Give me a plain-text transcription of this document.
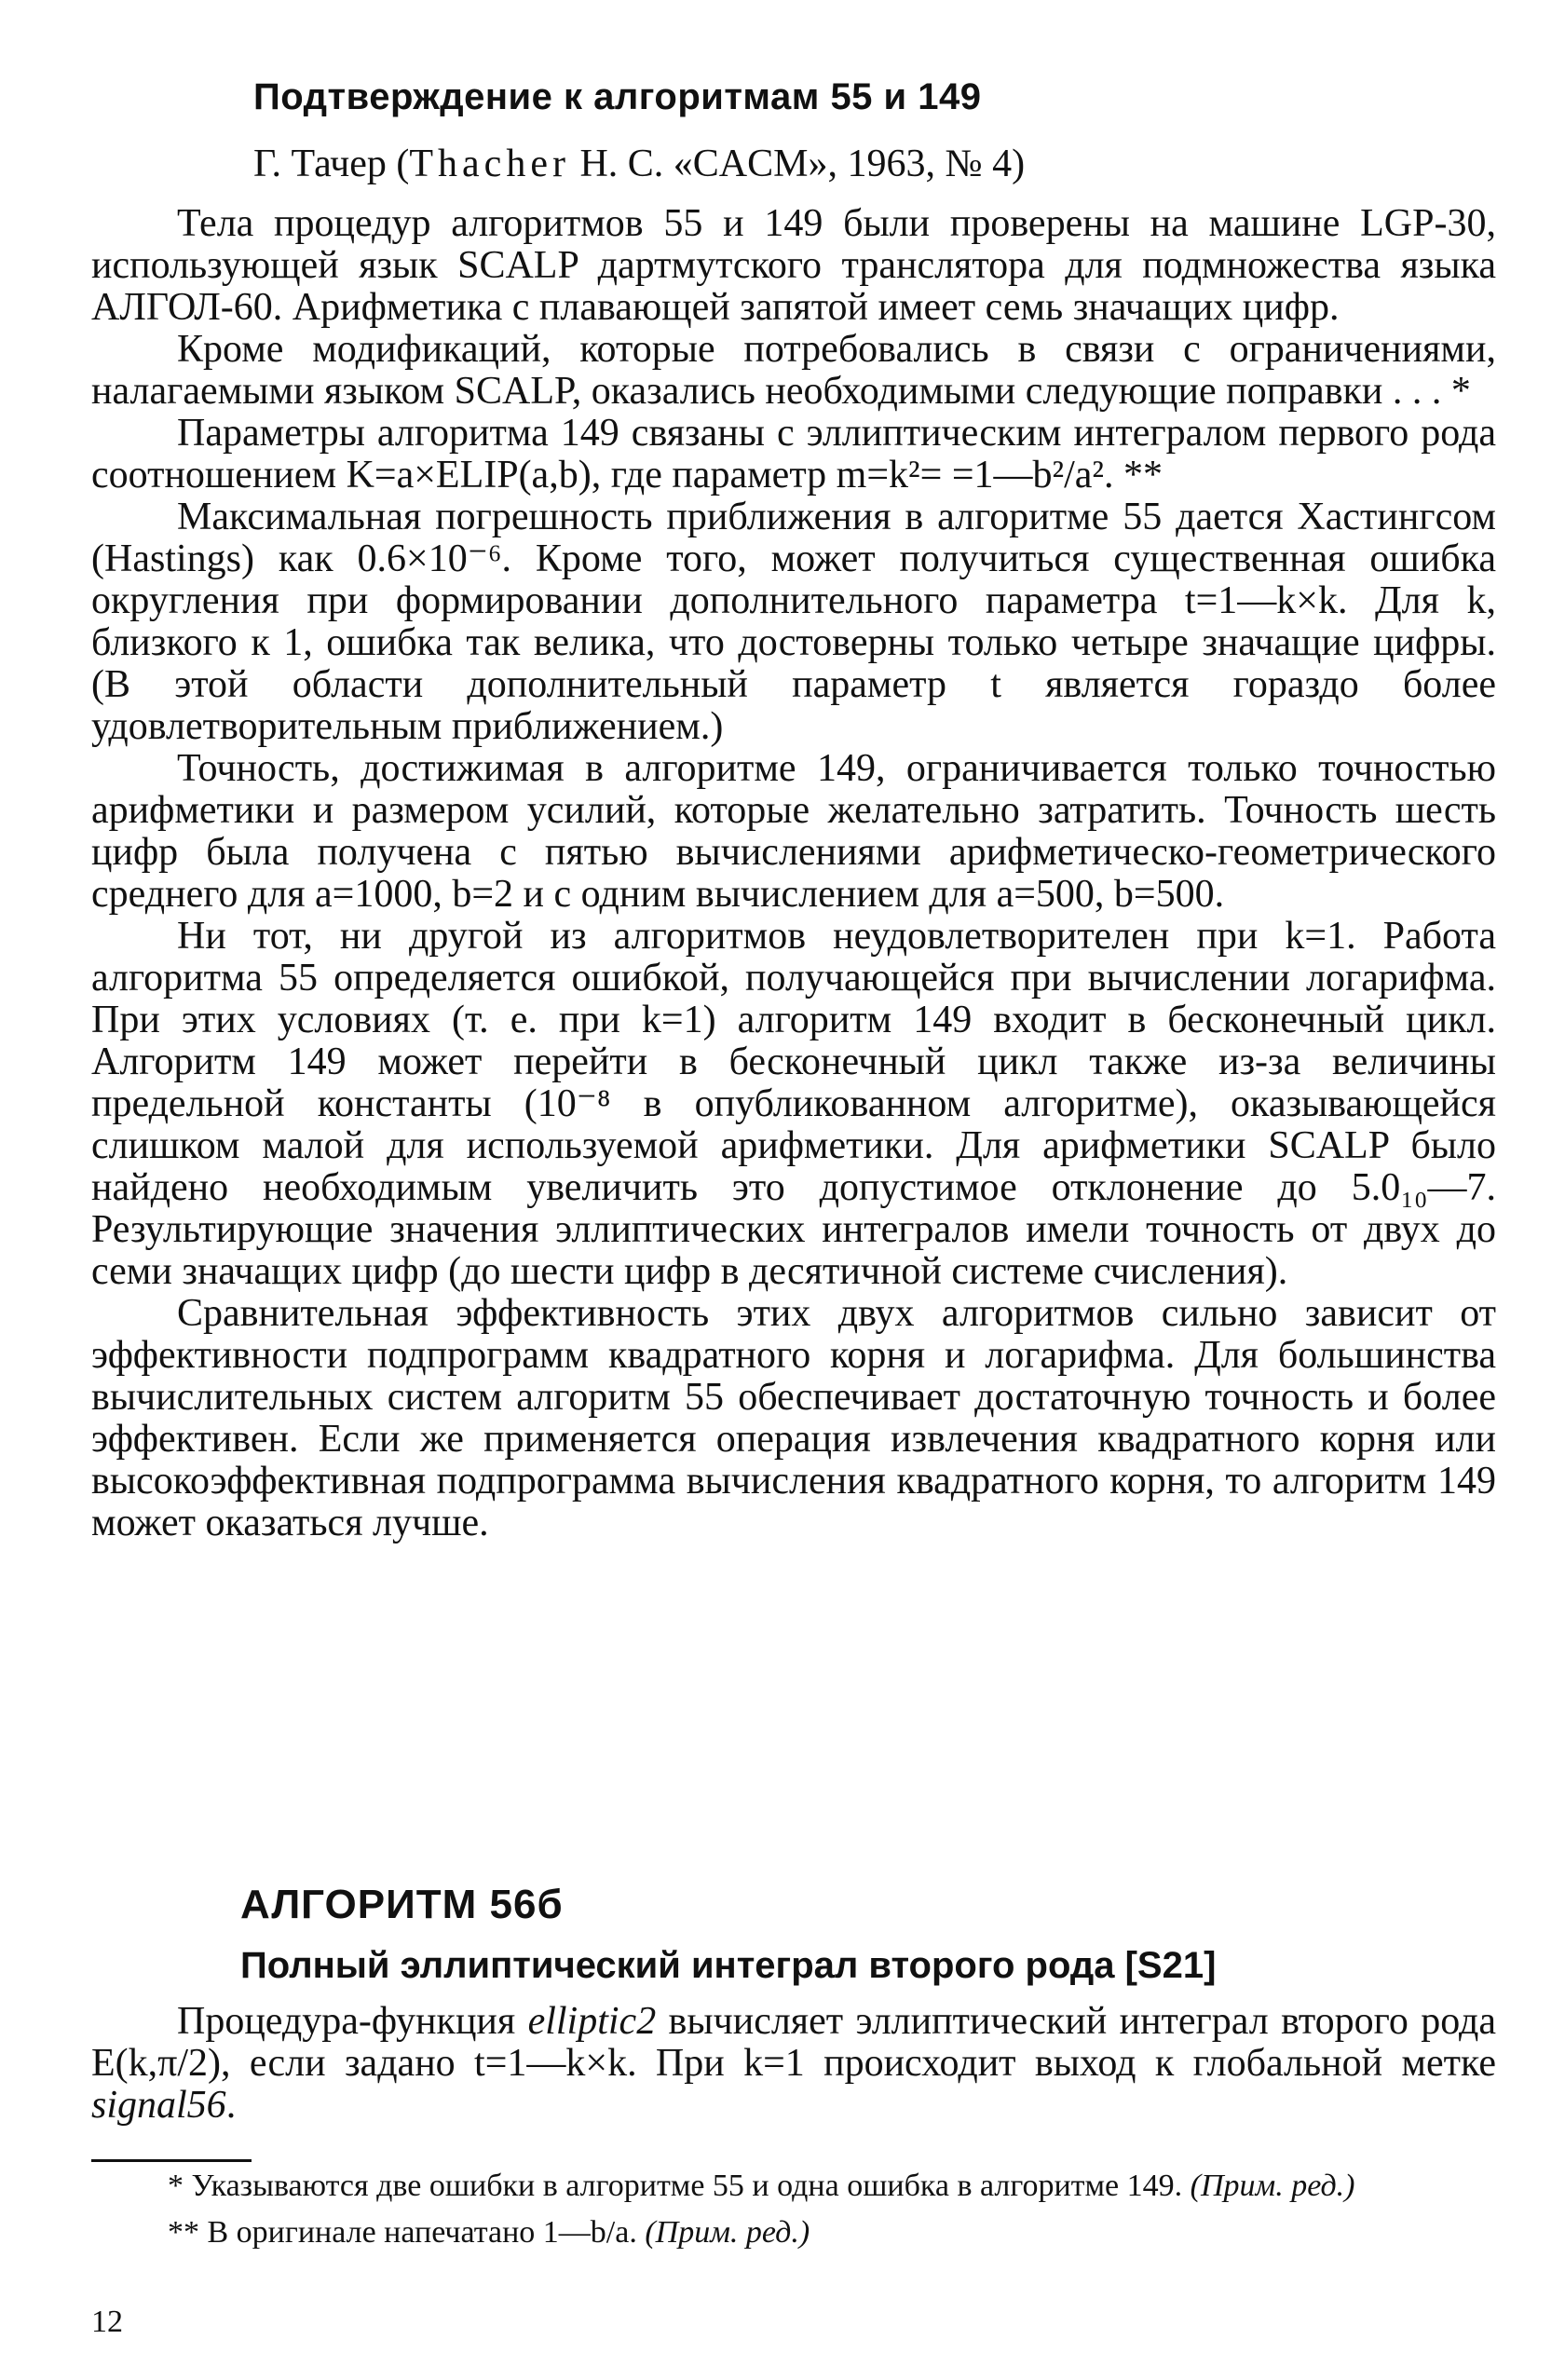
Подтверждение к алгоритмам 55 и 149
Г. Тачер (Thacher H. C. «CACM», 1963, № 4)

Тела процедур алгоритмов 55 и 149 были проверены на машине LGP-30, использующей язык SCALP дартмутского транслятора для подмножества языка АЛГОЛ-60. Арифметика с плавающей запятой имеет семь значащих цифр.

Кроме модификаций, которые потребовались в связи с ограничениями, налагаемыми языком SCALP, оказались необходимыми следующие поправки . . . *

Параметры алгоритма 149 связаны с эллиптическим интегралом первого рода соотношением K=a×ELIP(a,b), где параметр m=k²= =1—b²/a². **

Максимальная погрешность приближения в алгоритме 55 дается Хастингсом (Hastings) как 0.6×10⁻⁶. Кроме того, может получиться существенная ошибка округления при формировании дополнительного параметра t=1—k×k. Для k, близкого к 1, ошибка так велика, что достоверны только четыре значащие цифры. (В этой области дополнительный параметр t является гораздо более удовлетворительным приближением.)

Точность, достижимая в алгоритме 149, ограничивается только точностью арифметики и размером усилий, которые желательно затратить. Точность шесть цифр была получена с пятью вычислениями арифметическо-геометрического среднего для a=1000, b=2 и с одним вычислением для a=500, b=500.

Ни тот, ни другой из алгоритмов неудовлетворителен при k=1. Работа алгоритма 55 определяется ошибкой, получающейся при вычислении логарифма. При этих условиях (т. е. при k=1) алгоритм 149 входит в бесконечный цикл. Алгоритм 149 может перейти в бесконечный цикл также из-за величины предельной константы (10⁻⁸ в опубликованном алгоритме), оказывающейся слишком малой для используемой арифметики. Для арифметики SCALP было найдено необходимым увеличить это допустимое отклонение до 5.0₁₀—7. Результирующие значения эллиптических интегралов имели точность от двух до семи значащих цифр (до шести цифр в десятичной системе счисления).

Сравнительная эффективность этих двух алгоритмов сильно зависит от эффективности подпрограмм квадратного корня и логарифма. Для большинства вычислительных систем алгоритм 55 обеспечивает достаточную точность и более эффективен. Если же применяется операция извлечения квадратного корня или высокоэффективная подпрограмма вычисления квадратного корня, то алгоритм 149 может оказаться лучше.

АЛГОРИТМ 56б
Полный эллиптический интеграл второго рода [S21]

Процедура-функция elliptic2 вычисляет эллиптический интеграл второго рода E(k,π/2), если задано t=1—k×k. При k=1 происходит выход к глобальной метке signal56.

* Указываются две ошибки в алгоритме 55 и одна ошибка в алгоритме 149. (Прим. ред.)

** В оригинале напечатано 1—b/a. (Прим. ред.)

12
